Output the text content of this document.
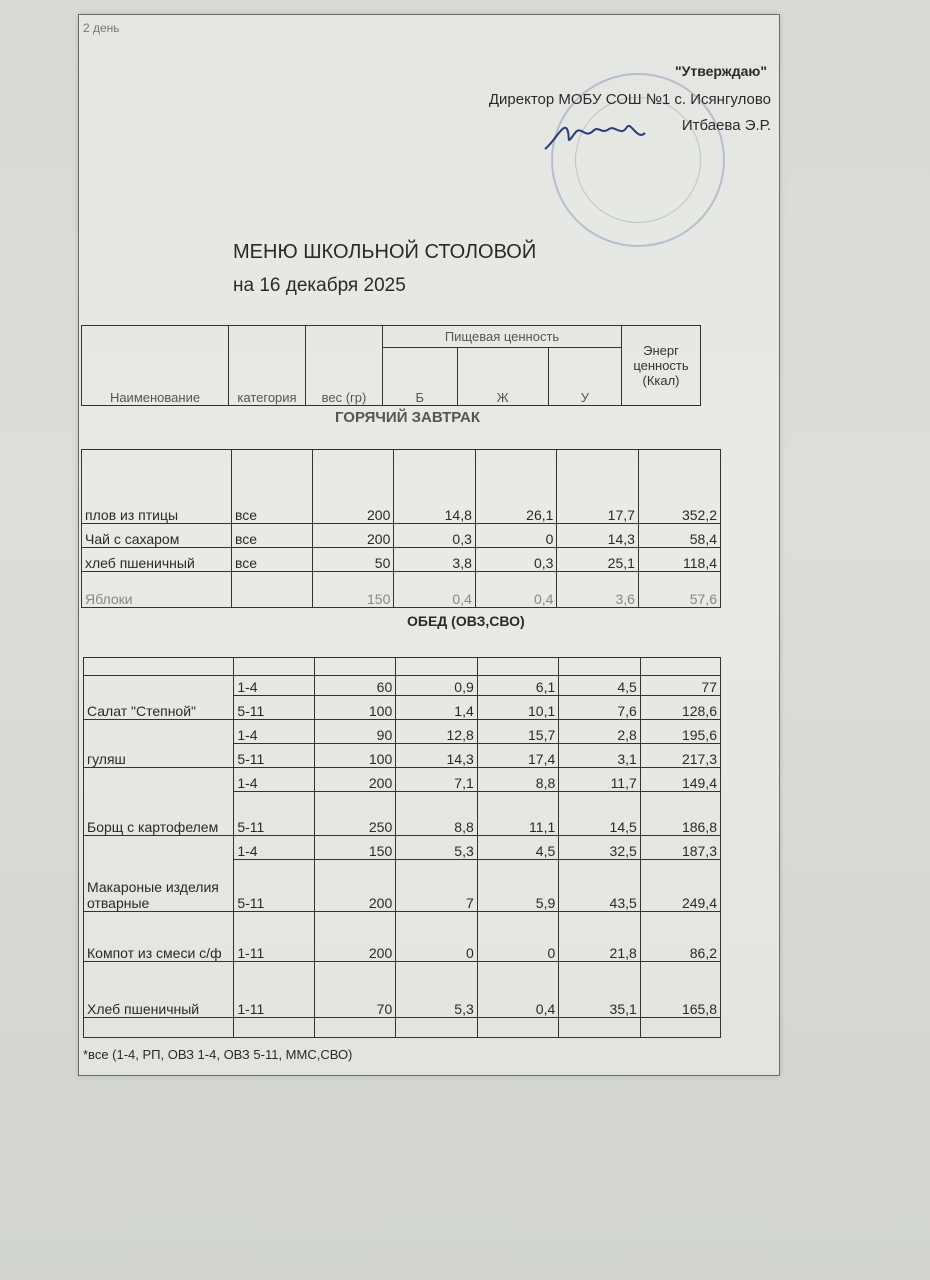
2 день
"Утверждаю"
Директор МОБУ СОШ №1 с. Исянгулово
Итбаева Э.Р.
МЕНЮ ШКОЛЬНОЙ СТОЛОВОЙ
на 16 декабря 2025
Наименование	категория	вес (гр)	Пищевая ценность			Энерг ценность (Ккал)
			Б	Ж	У	
ГОРЯЧИЙ ЗАВТРАК
плов из птицы	все	200	14,8	26,1	17,7	352,2
Чай с сахаром	все	200	0,3	0	14,3	58,4
хлеб пшеничный	все	50	3,8	0,3	25,1	118,4
Яблоки		150	0,4	0,4	3,6	57,6
ОБЕД (ОВЗ,СВО)

Салат "Степной"	1-4	60	0,9	6,1	4,5	77
	5-11	100	1,4	10,1	7,6	128,6
гуляш	1-4	90	12,8	15,7	2,8	195,6
	5-11	100	14,3	17,4	3,1	217,3
Борщ с картофелем	1-4	200	7,1	8,8	11,7	149,4
	5-11	250	8,8	11,1	14,5	186,8
Макароные изделия отварные	1-4	150	5,3	4,5	32,5	187,3
	5-11	200	7	5,9	43,5	249,4
Компот из смеси с/ф	1-11	200	0	0	21,8	86,2
Хлеб пшеничный	1-11	70	5,3	0,4	35,1	165,8

*все (1-4, РП, ОВЗ 1-4, ОВЗ 5-11, ММС,СВО)
